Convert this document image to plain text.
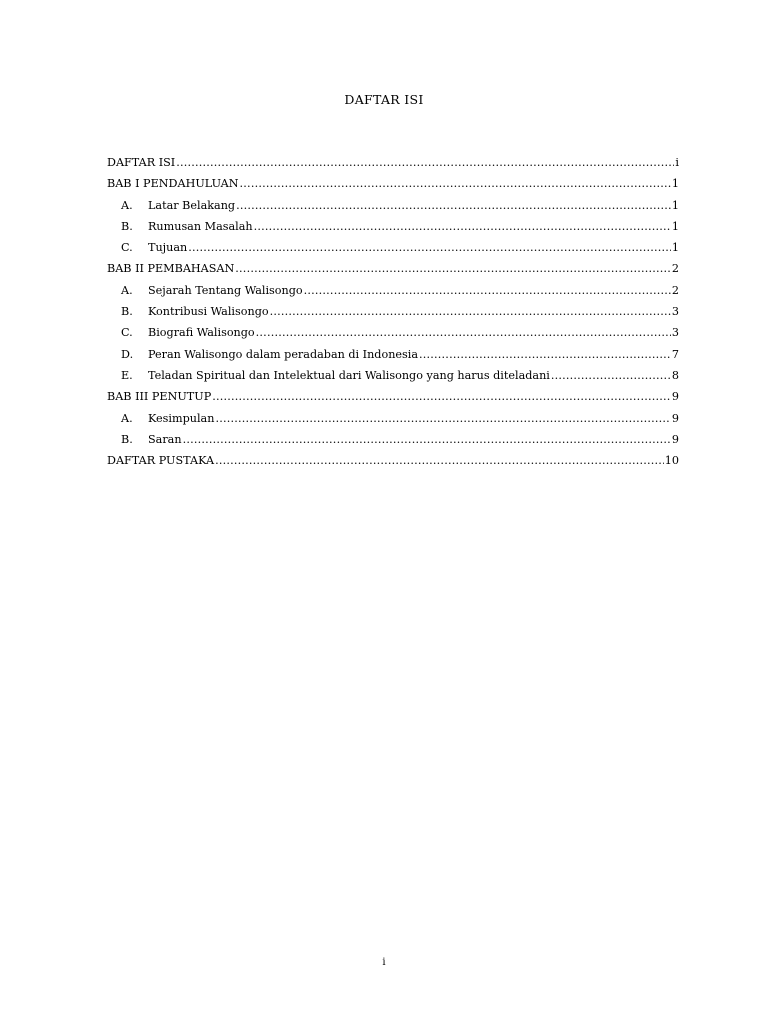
DAFTAR ISI
DAFTAR ISI .....	i
BAB I PENDAHULUAN .....	1
A.	Latar Belakang .....	1
B.	Rumusan Masalah .....	1
C.	Tujuan .....	1
BAB II PEMBAHASAN .....	2
A.	Sejarah Tentang Walisongo .....	2
B.	Kontribusi Walisongo .....	3
C.	Biografi Walisongo .....	3
D.	Peran Walisongo dalam peradaban di Indonesia .....	7
E.	Teladan Spiritual dan Intelektual dari Walisongo yang harus diteladani .....	8
BAB III PENUTUP .....	9
A.	Kesimpulan .....	9
B.	Saran .....	9
DAFTAR PUSTAKA .....	10
i
